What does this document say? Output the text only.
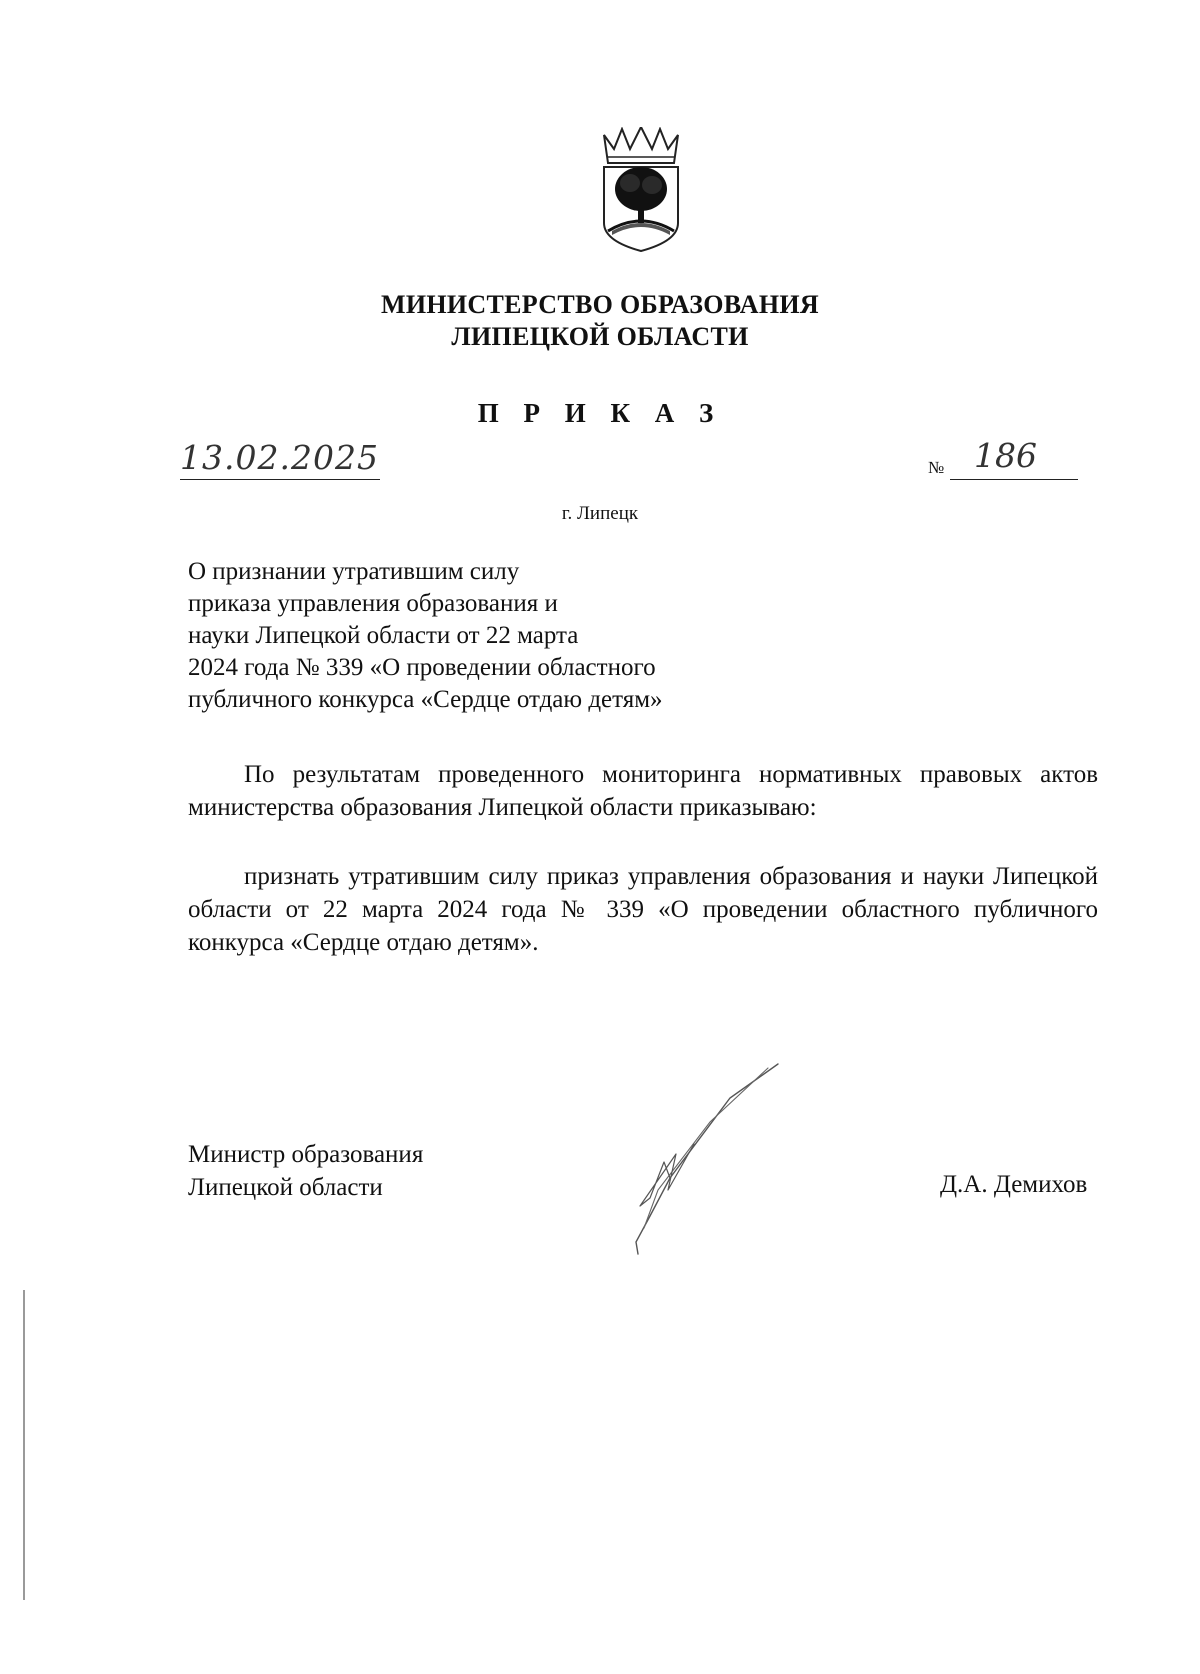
МИНИСТЕРСТВО ОБРАЗОВАНИЯ
ЛИПЕЦКОЙ ОБЛАСТИ
П Р И К А З
13.02.2025	№ 186
г. Липецк
О признании утратившим силу
приказа управления образования и
науки Липецкой области от 22 марта
2024 года № 339 «О проведении областного
публичного конкурса «Сердце отдаю детям»
По результатам проведенного мониторинга нормативных правовых актов министерства образования Липецкой области приказываю:
признать утратившим силу приказ управления образования и науки Липецкой области от 22 марта 2024 года № 339 «О проведении областного публичного конкурса «Сердце отдаю детям».
Министр образования
Липецкой области	Д.А. Демихов
